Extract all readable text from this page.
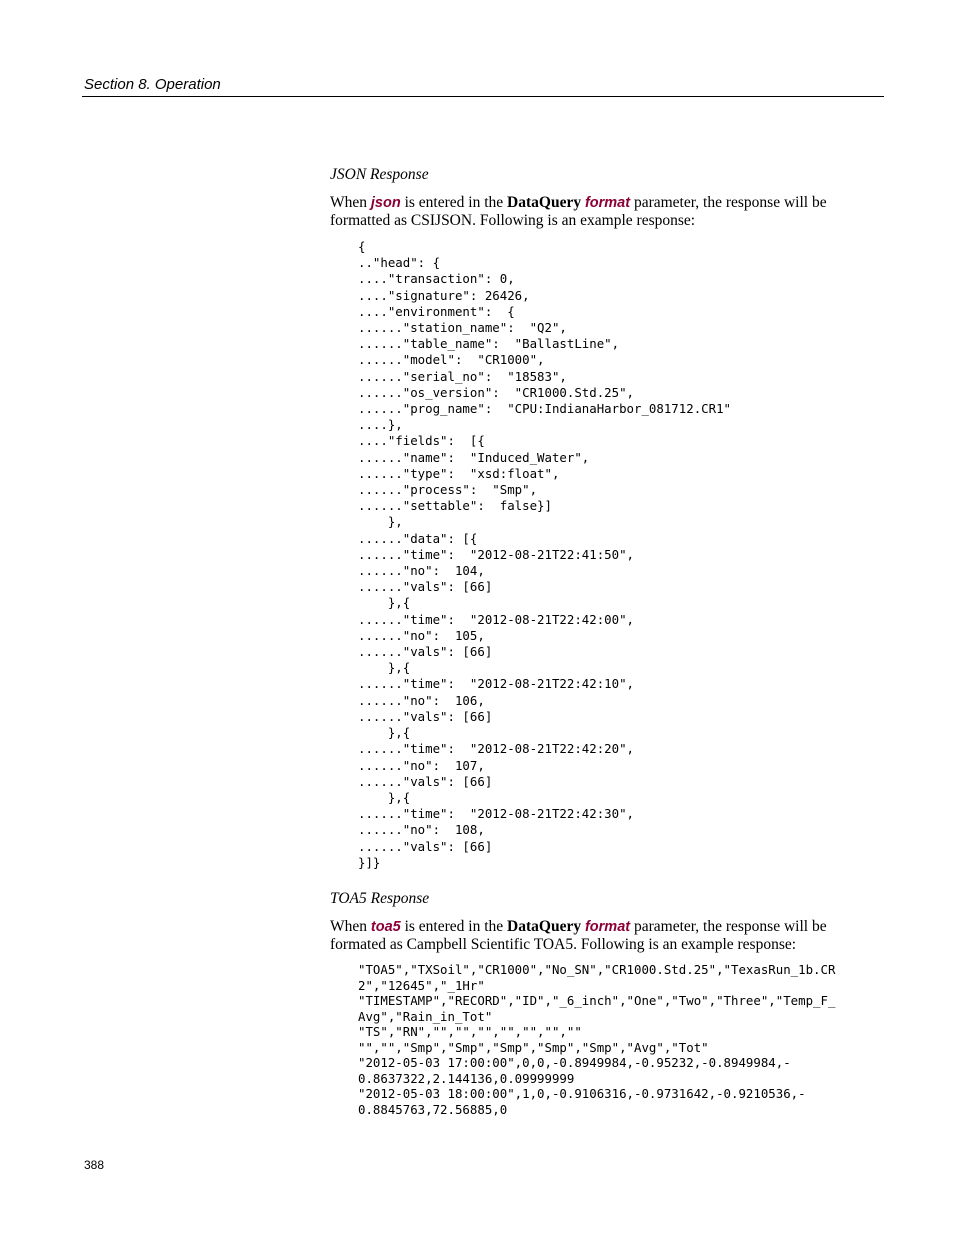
Section 8. Operation
JSON Response
When json is entered in the DataQuery format parameter, the response will be formatted as CSIJSON. Following is an example response:
{
.."head": {
...."transaction": 0,
...."signature": 26426,
...."environment":  {
......"station_name":  "Q2",
......"table_name":  "BallastLine",
......"model":  "CR1000",
......"serial_no":  "18583",
......"os_version":  "CR1000.Std.25",
......"prog_name":  "CPU:IndianaHarbor_081712.CR1"
....},
...."fields":  [{
......"name":  "Induced_Water",
......"type":  "xsd:float",
......"process":  "Smp",
......"settable":  false}]
},
......"data": [{
......"time":  "2012-08-21T22:41:50",
......"no":  104,
......"vals": [66]
},{
......"time":  "2012-08-21T22:42:00",
......"no":  105,
......"vals": [66]
},{
......"time":  "2012-08-21T22:42:10",
......"no":  106,
......"vals": [66]
},{
......"time":  "2012-08-21T22:42:20",
......"no":  107,
......"vals": [66]
},{
......"time":  "2012-08-21T22:42:30",
......"no":  108,
......"vals": [66]
}]}
TOA5 Response
When toa5 is entered in the DataQuery format parameter, the response will be formated as Campbell Scientific TOA5. Following is an example response:
"TOA5","TXSoil","CR1000","No_SN","CR1000.Std.25","TexasRun_1b.CR
2","12645","_1Hr"
"TIMESTAMP","RECORD","ID","_6_inch","One","Two","Three","Temp_F_
Avg","Rain_in_Tot"
"TS","RN","","","","","","",""
"","","Smp","Smp","Smp","Smp","Smp","Avg","Tot"
"2012-05-03 17:00:00",0,0,-0.8949984,-0.95232,-0.8949984,-
0.8637322,2.144136,0.09999999
"2012-05-03 18:00:00",1,0,-0.9106316,-0.9731642,-0.9210536,-
0.8845763,72.56885,0
388
